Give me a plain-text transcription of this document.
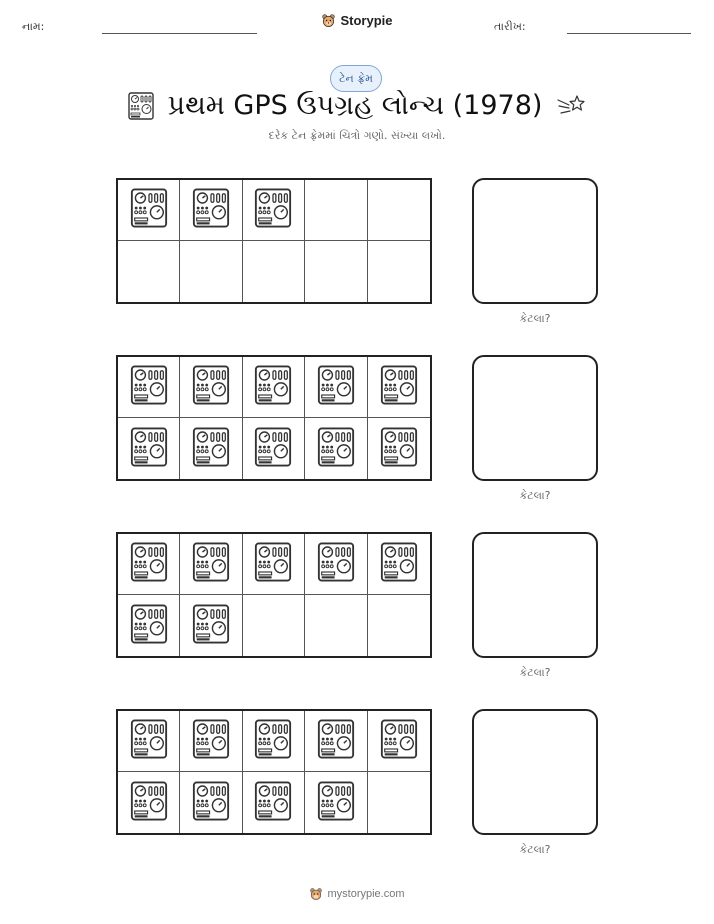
નામ:	તારીખ:
Storypie
ટેન ફ્રેમ
પ્રથમ GPS ઉપગ્રહ લોન્ચ (1978)
દરેક ટેન ફ્રેમમાં ચિત્રો ગણો. સંખ્યા લખો.
કેટલા?
કેટલા?
કેટલા?
કેટલા?
mystorypie.com
